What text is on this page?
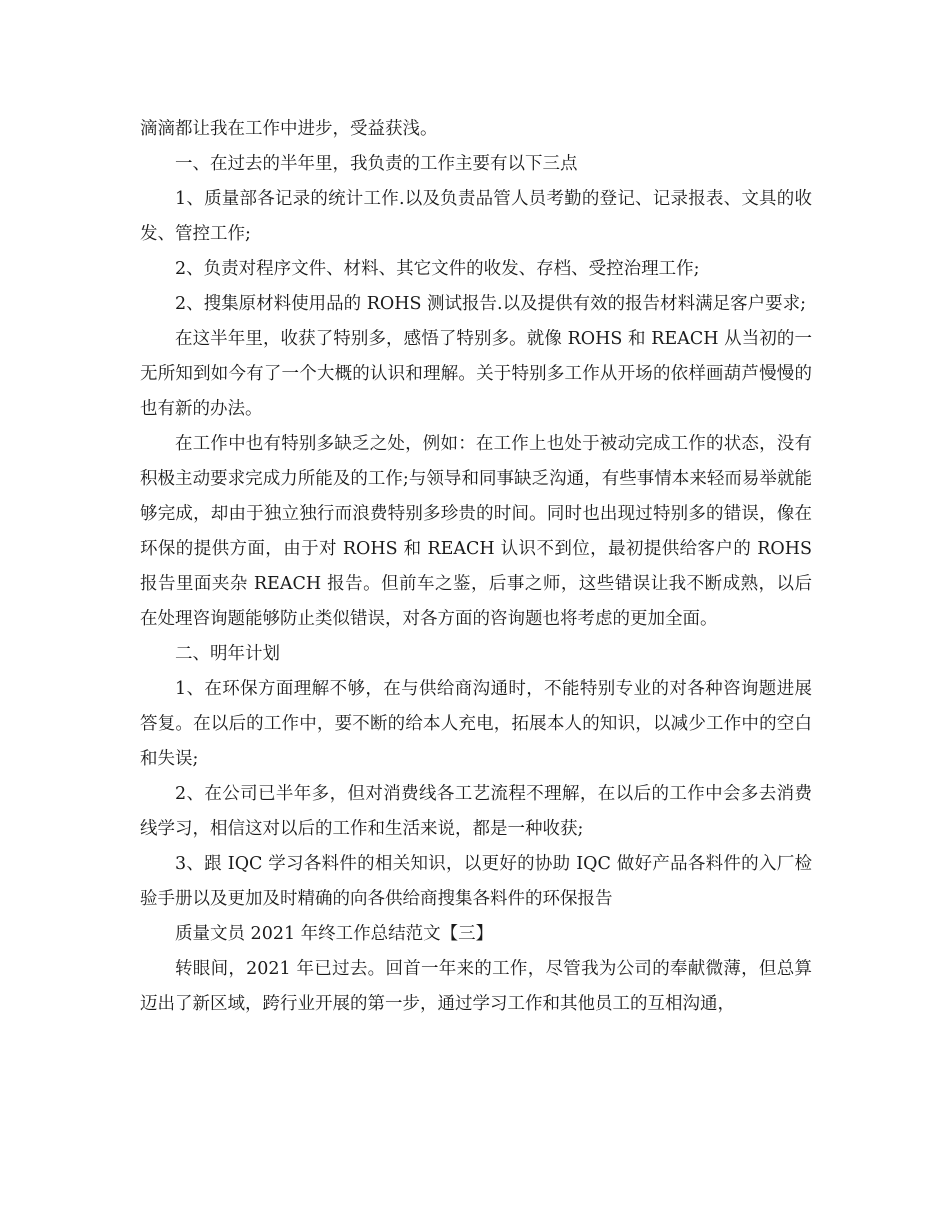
滴滴都让我在工作中进步，受益获浅。

一、在过去的半年里，我负责的工作主要有以下三点

1、质量部各记录的统计工作.以及负责品管人员考勤的登记、记录报表、文具的收发、管控工作;

2、负责对程序文件、材料、其它文件的收发、存档、受控治理工作;

2、搜集原材料使用品的 ROHS 测试报告.以及提供有效的报告材料满足客户要求;

在这半年里，收获了特别多，感悟了特别多。就像 ROHS 和 REACH 从当初的一无所知到如今有了一个大概的认识和理解。关于特别多工作从开场的依样画葫芦慢慢的也有新的办法。

在工作中也有特别多缺乏之处，例如：在工作上也处于被动完成工作的状态，没有积极主动要求完成力所能及的工作;与领导和同事缺乏沟通，有些事情本来轻而易举就能够完成，却由于独立独行而浪费特别多珍贵的时间。同时也出现过特别多的错误，像在环保的提供方面，由于对 ROHS 和 REACH 认识不到位，最初提供给客户的 ROHS 报告里面夹杂 REACH 报告。但前车之鉴，后事之师，这些错误让我不断成熟，以后在处理咨询题能够防止类似错误，对各方面的咨询题也将考虑的更加全面。

二、明年计划

1、在环保方面理解不够，在与供给商沟通时，不能特别专业的对各种咨询题进展答复。在以后的工作中，要不断的给本人充电，拓展本人的知识，以减少工作中的空白和失误;

2、在公司已半年多，但对消费线各工艺流程不理解，在以后的工作中会多去消费线学习，相信这对以后的工作和生活来说，都是一种收获;

3、跟 IQC 学习各料件的相关知识，以更好的协助 IQC 做好产品各料件的入厂检验手册以及更加及时精确的向各供给商搜集各料件的环保报告

质量文员 2021 年终工作总结范文【三】

转眼间，2021 年已过去。回首一年来的工作，尽管我为公司的奉献微薄，但总算迈出了新区域，跨行业开展的第一步，通过学习工作和其他员工的互相沟通，
